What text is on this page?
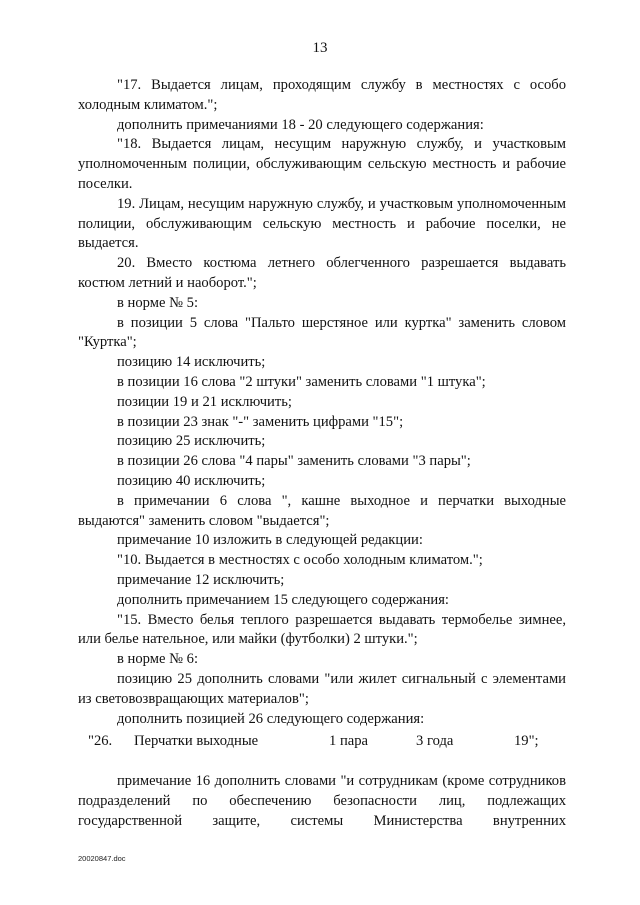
13

"17. Выдается лицам, проходящим службу в местностях с особо холодным климатом.";

дополнить примечаниями 18 - 20 следующего содержания:

"18. Выдается лицам, несущим наружную службу, и участковым уполномоченным полиции, обслуживающим сельскую местность и рабочие поселки.

19. Лицам, несущим наружную службу, и участковым уполномоченным полиции, обслуживающим сельскую местность и рабочие поселки, не выдается.

20. Вместо костюма летнего облегченного разрешается выдавать костюм летний и наоборот.";

в норме № 5:

в позиции 5 слова "Пальто шерстяное или куртка" заменить словом "Куртка";

позицию 14 исключить;

в позиции 16 слова "2 штуки" заменить словами "1 штука";

позиции 19 и 21 исключить;

в позиции 23 знак "-" заменить цифрами "15";

позицию 25 исключить;

в позиции 26 слова "4 пары" заменить словами "3 пары";

позицию 40 исключить;

в примечании 6 слова ", кашне выходное и перчатки выходные выдаются" заменить словом "выдается";

примечание 10 изложить в следующей редакции:

"10. Выдается в местностях с особо холодным климатом.";

примечание 12 исключить;

дополнить примечанием 15 следующего содержания:

"15. Вместо белья теплого разрешается выдавать термобелье зимнее, или белье нательное, или майки (футболки) 2 штуки.";

в норме № 6:

позицию 25 дополнить словами "или жилет сигнальный с элементами из световозвращающих материалов";

дополнить позицией 26 следующего содержания:

"26. Перчатки выходные	1 пара	3 года	19";

примечание 16 дополнить словами "и сотрудникам (кроме сотрудников подразделений по обеспечению безопасности лиц, подлежащих государственной защите, системы Министерства внутренних

20020847.doc
